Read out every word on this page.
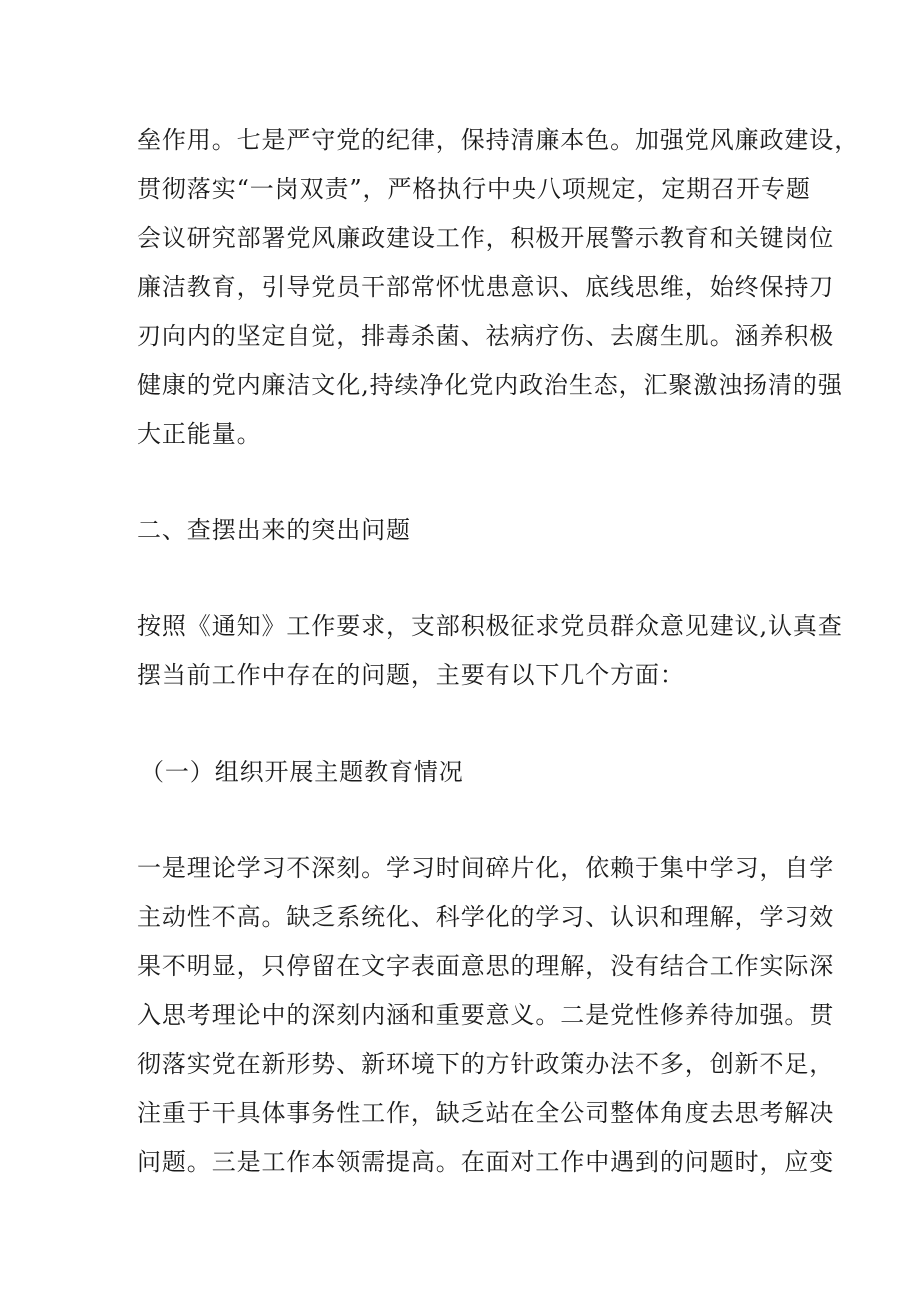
垒作用。七是严守党的纪律，保持清廉本色。加强党风廉政建设，
贯彻落实“一岗双责”，严格执行中央八项规定，定期召开专题
会议研究部署党风廉政建设工作，积极开展警示教育和关键岗位
廉洁教育，引导党员干部常怀忧患意识、底线思维，始终保持刀
刃向内的坚定自觉，排毒杀菌、祛病疗伤、去腐生肌。涵养积极
健康的党内廉洁文化,持续净化党内政治生态，汇聚激浊扬清的强
大正能量。
二、查摆出来的突出问题
按照《通知》工作要求，支部积极征求党员群众意见建议,认真查
摆当前工作中存在的问题，主要有以下几个方面：
（一）组织开展主题教育情况
一是理论学习不深刻。学习时间碎片化，依赖于集中学习，自学
主动性不高。缺乏系统化、科学化的学习、认识和理解，学习效
果不明显，只停留在文字表面意思的理解，没有结合工作实际深
入思考理论中的深刻内涵和重要意义。二是党性修养待加强。贯
彻落实党在新形势、新环境下的方针政策办法不多，创新不足，
注重于干具体事务性工作，缺乏站在全公司整体角度去思考解决
问题。三是工作本领需提高。在面对工作中遇到的问题时，应变
